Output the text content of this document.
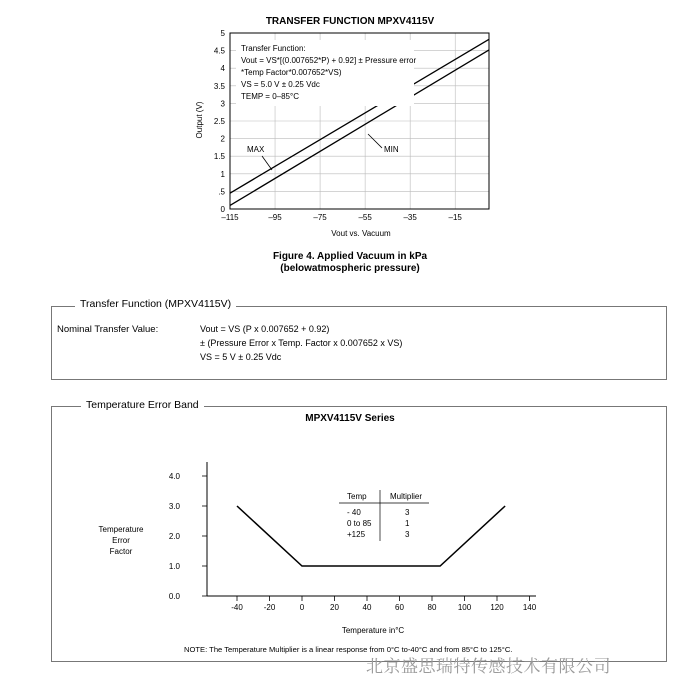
TRANSFER FUNCTION MPXV4115V
0
.5
1
1.5
2
2.5
3
3.5
4
4.5
5
–115	–95	–75	–55	–35	–15
Output (V)
Vout vs. Vacuum
Transfer Function:
Vout = VS*[(0.007652*P) + 0.92] ± Pressure error
*Temp Factor*0.007652*VS)
VS = 5.0 V ± 0.25 Vdc
TEMP = 0–85°C
MAX	MIN
Figure 4. Applied Vacuum in kPa
(belowatmospheric pressure)
Transfer Function (MPXV4115V)
Nominal Transfer Value:	Vout = VS (P x 0.007652 + 0.92)
± (Pressure Error x Temp. Factor x 0.007652 x VS)
VS = 5 V ± 0.25 Vdc
Temperature Error Band
MPXV4115V Series
0.0
1.0
2.0
3.0
4.0
-40	-20	0	20	40	60	80	100 120 140
Temperature
Error
Factor
Temperature in°C
Temp	Multiplier
- 40	3
0 to 85	1
+125	3
NOTE: The Temperature Multiplier is a linear response from 0°C to-40°C and from 85°C to 125°C.
北京盛思瑞特传感技术有限公司
